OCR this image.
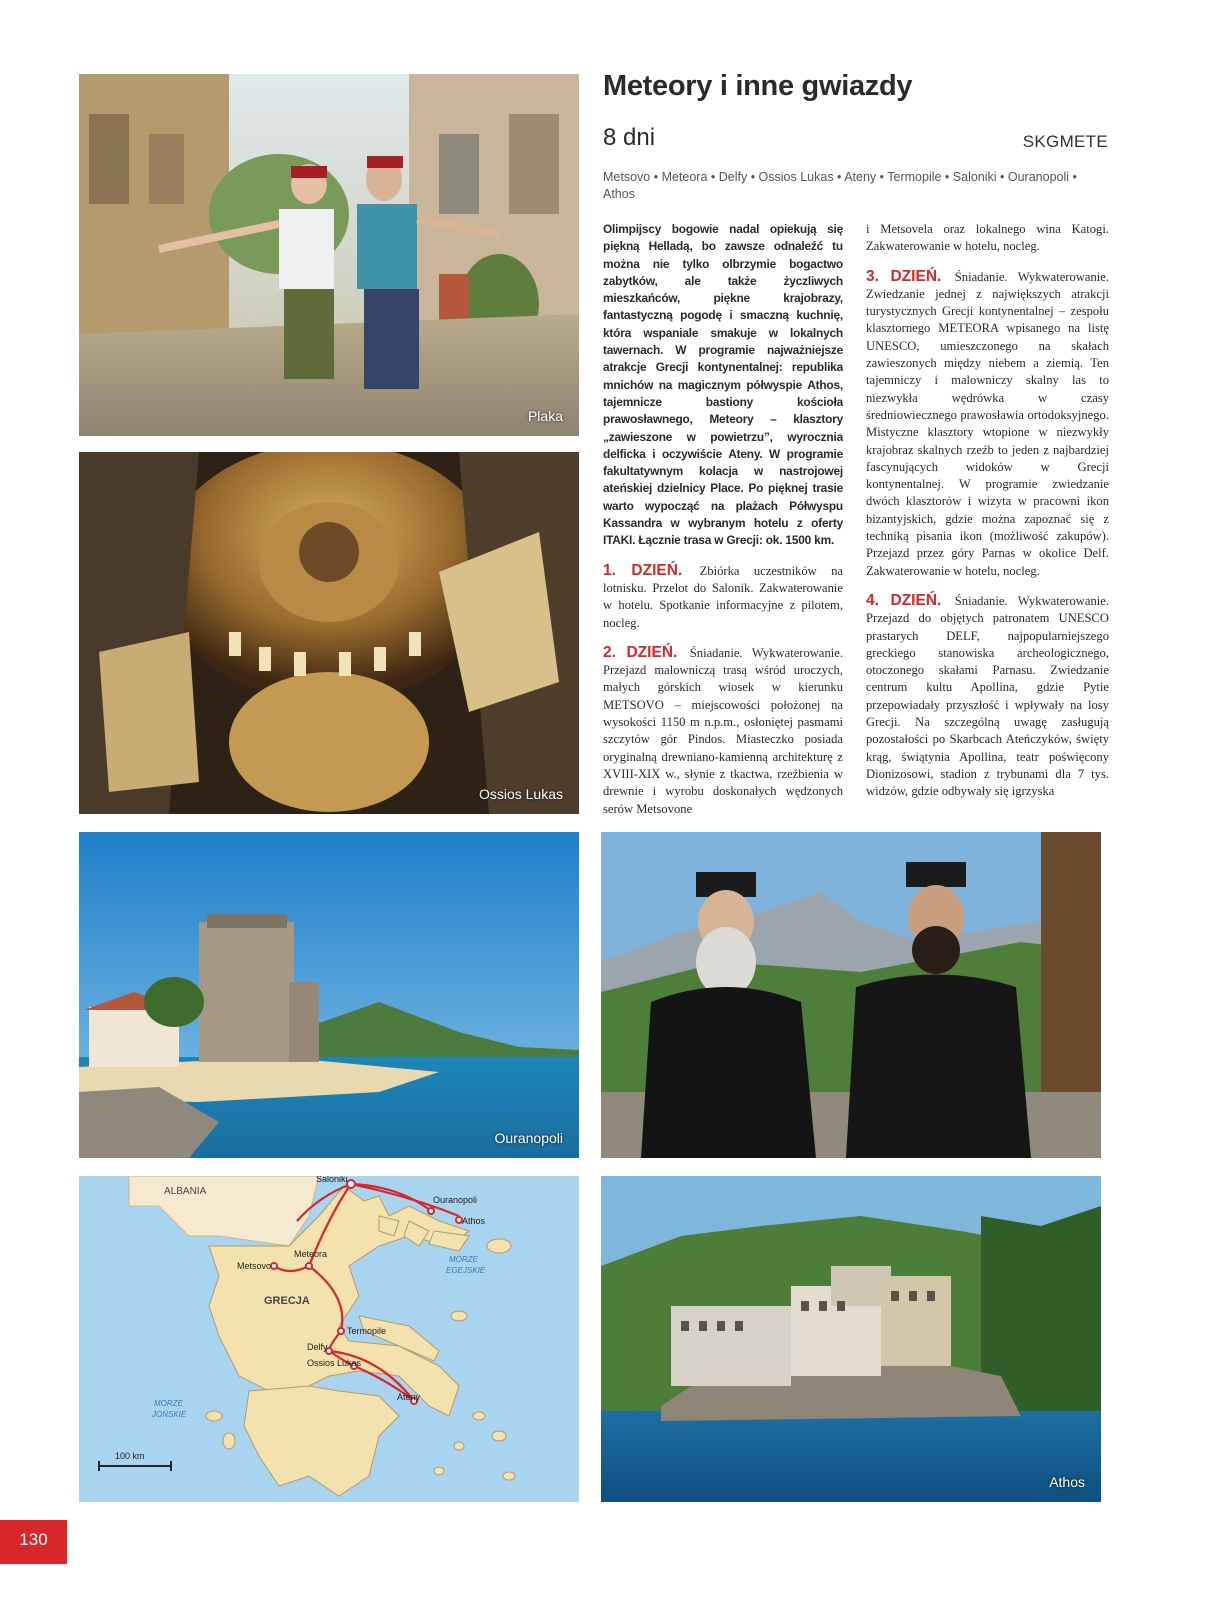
Plaka
Ossios Lukas
Meteory i inne gwiazdy
8 dni	SKGMETE
Metsovo • Meteora • Delfy • Ossios Lukas • Ateny • Termopile • Saloniki • Ouranopoli • Athos

Olimpijscy bogowie nadal opiekują się piękną Helladą, bo zawsze odnaleźć tu można nie tylko olbrzymie bogactwo zabytków, ale także życzliwych mieszkańców, piękne krajobrazy, fantastyczną pogodę i smaczną kuchnię, która wspaniale smakuje w lokalnych tawernach. W programie najważniejsze atrakcje Grecji kontynentalnej: republika mnichów na magicznym półwyspie Athos, tajemnicze bastiony kościoła prawosławnego, Meteory – klasztory „zawieszone w powietrzu”, wyrocznia delficka i oczywiście Ateny. W programie fakultatywnym kolacja w nastrojowej ateńskiej dzielnicy Place. Po pięknej trasie warto wypocząć na plażach Półwyspu Kassandra w wybranym hotelu z oferty ITAKI. Łącznie trasa w Grecji: ok. 1500 km.

1. DZIEŃ. Zbiórka uczestników na lotnisku. Przelot do Salonik. Zakwaterowanie w hotelu. Spotkanie informacyjne z pilotem, nocleg.

2. DZIEŃ. Śniadanie. Wykwaterowanie. Przejazd malowniczą trasą wśród uroczych, małych górskich wiosek w kierunku METSOVO – miejscowości położonej na wysokości 1150 m n.p.m., osłoniętej pasmami szczytów gór Pindos. Miasteczko posiada oryginalną drewniano-kamienną architekturę z XVIII-XIX w., słynie z tkactwa, rzeźbienia w drewnie i wyrobu doskonałych wędzonych serów Metsovone

i Metsovela oraz lokalnego wina Katogi. Zakwaterowanie w hotelu, nocleg.

3. DZIEŃ. Śniadanie. Wykwaterowanie. Zwiedzanie jednej z największych atrakcji turystycznych Grecji kontynentalnej – zespołu klasztornego METEORA wpisanego na listę UNESCO, umieszczonego na skałach zawieszonych między niebem a ziemią. Ten tajemniczy i malowniczy skalny las to niezwykła wędrówka w czasy średniowiecznego prawosławia ortodoksyjnego. Mistyczne klasztory wtopione w niezwykły krajobraz skalnych rzeźb to jeden z najbardziej fascynujących widoków w Grecji kontynentalnej. W programie zwiedzanie dwóch klasztorów i wizyta w pracowni ikon bizantyjskich, gdzie można zapoznać się z techniką pisania ikon (możliwość zakupów). Przejazd przez góry Parnas w okolice Delf. Zakwaterowanie w hotelu, nocleg.

4. DZIEŃ. Śniadanie. Wykwaterowanie. Przejazd do objętych patronatem UNESCO prastarych DELF, najpopularniejszego greckiego stanowiska archeologicznego, otoczonego skałami Parnasu. Zwiedzanie centrum kultu Apollina, gdzie Pytie przepowiadały przyszłość i wpływały na losy Grecji. Na szczególną uwagę zasługują pozostałości po Skarbcach Ateńczyków, święty krąg, świątynia Apollina, teatr poświęcony Dionizosowi, stadion z trybunami dla 7 tys. widzów, gdzie odbywały się igrzyska

Ouranopoli
Saloniki
Ouranopoli
Athos
Metsovo
Meteora
Termopile
Delfy
Ossios Lukas
Ateny
ALBANIA
GRECJA
MORZE
EGEJSKIE
MORZE
JOŃSKIE
100 km
Athos
130
